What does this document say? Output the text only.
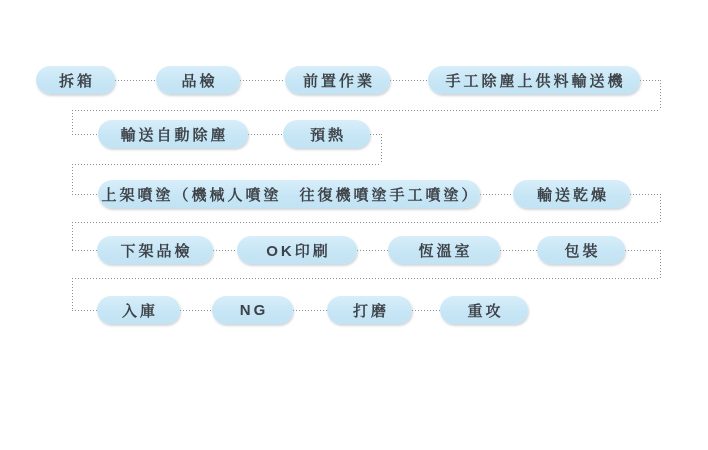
拆箱	品檢	前置作業	手工除塵上供料輸送機
輸送自動除塵	預熱
上架噴塗（機械人噴塗　往復機噴塗手工噴塗）	輸送乾燥
下架品檢	OK印刷	恆溫室	包裝
入庫	NG	打磨	重攻
